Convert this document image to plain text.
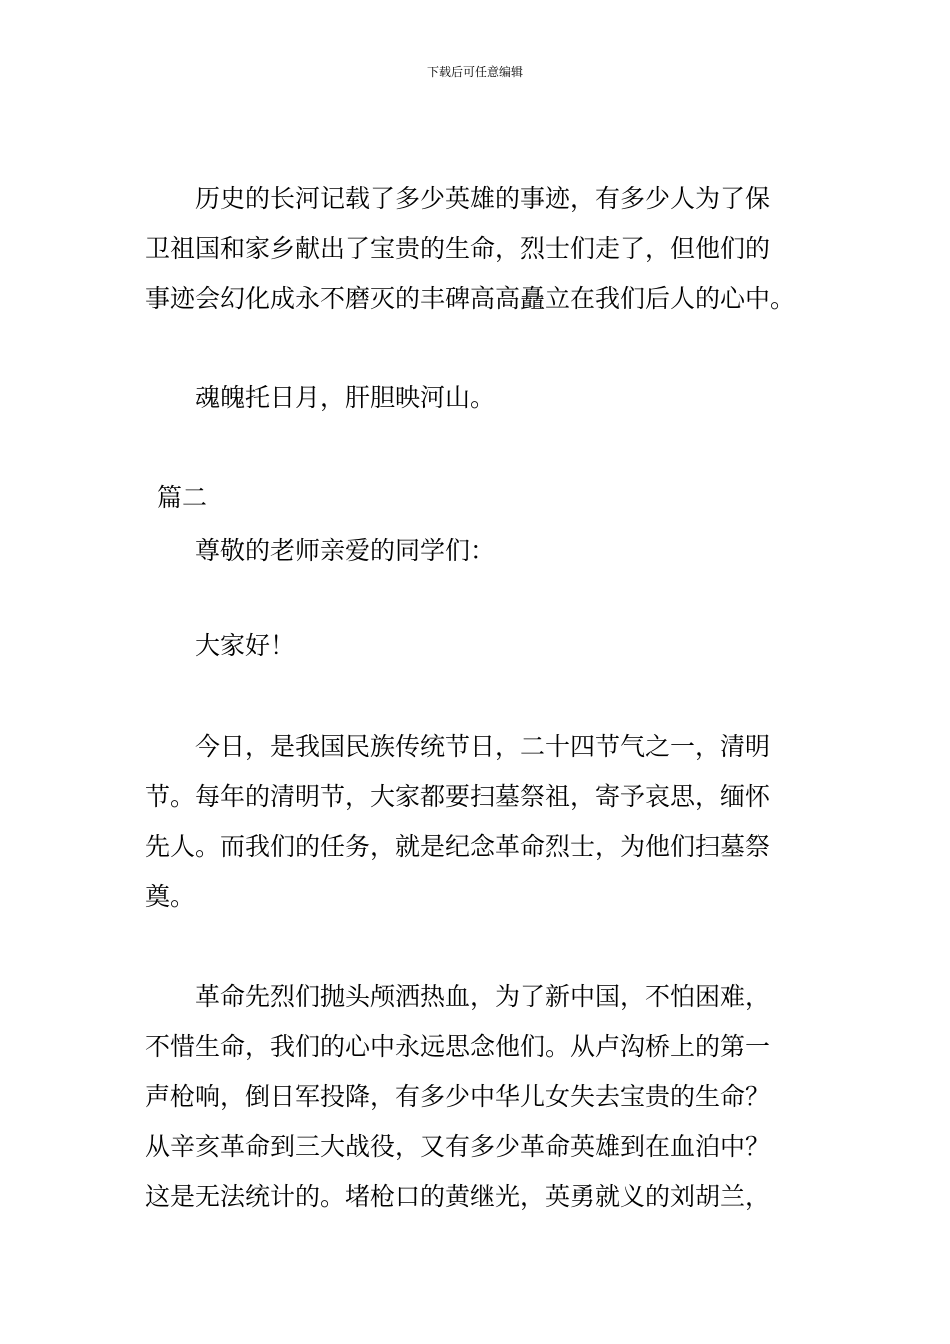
下载后可任意编辑
历史的长河记载了多少英雄的事迹，有多少人为了保
卫祖国和家乡献出了宝贵的生命，烈士们走了，但他们的
事迹会幻化成永不磨灭的丰碑高高矗立在我们后人的心中。
魂魄托日月，肝胆映河山。
篇二
尊敬的老师亲爱的同学们：
大家好！
今日，是我国民族传统节日，二十四节气之一，清明
节。每年的清明节，大家都要扫墓祭祖，寄予哀思，缅怀
先人。而我们的任务，就是纪念革命烈士，为他们扫墓祭
奠。
革命先烈们抛头颅洒热血，为了新中国，不怕困难，
不惜生命，我们的心中永远思念他们。从卢沟桥上的第一
声枪响，倒日军投降，有多少中华儿女失去宝贵的生命？
从辛亥革命到三大战役，又有多少革命英雄到在血泊中？
这是无法统计的。堵枪口的黄继光，英勇就义的刘胡兰，
